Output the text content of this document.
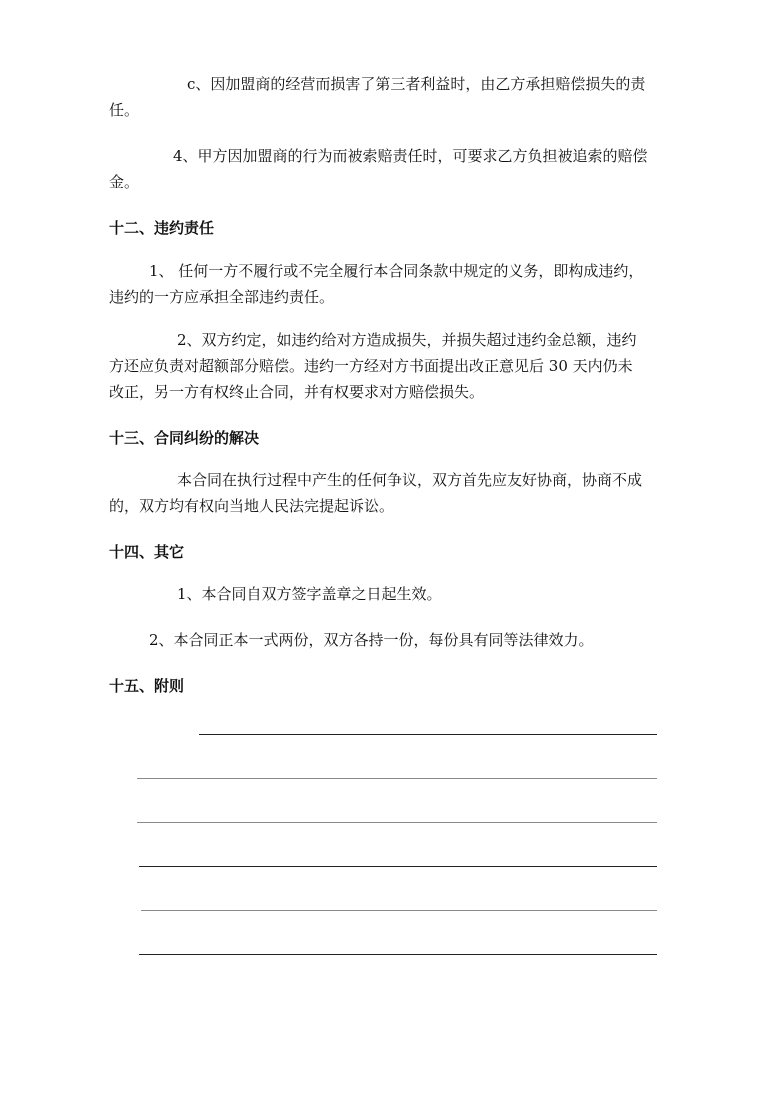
c、因加盟商的经营而损害了第三者利益时，由乙方承担赔偿损失的责

任。

4、甲方因加盟商的行为而被索赔责任时，可要求乙方负担被追索的赔偿

金。

十二、违约责任

1、 任何一方不履行或不完全履行本合同条款中规定的义务，即构成违约，

违约的一方应承担全部违约责任。

2、双方约定，如违约给对方造成损失，并损失超过违约金总额，违约

方还应负责对超额部分赔偿。违约一方经对方书面提出改正意见后 30 天内仍未

改正，另一方有权终止合同，并有权要求对方赔偿损失。

十三、合同纠纷的解决

本合同在执行过程中产生的任何争议，双方首先应友好协商，协商不成

的，双方均有权向当地人民法完提起诉讼。

十四、其它

1、本合同自双方签字盖章之日起生效。

2、本合同正本一式两份，双方各持一份，每份具有同等法律效力。

十五、附则
